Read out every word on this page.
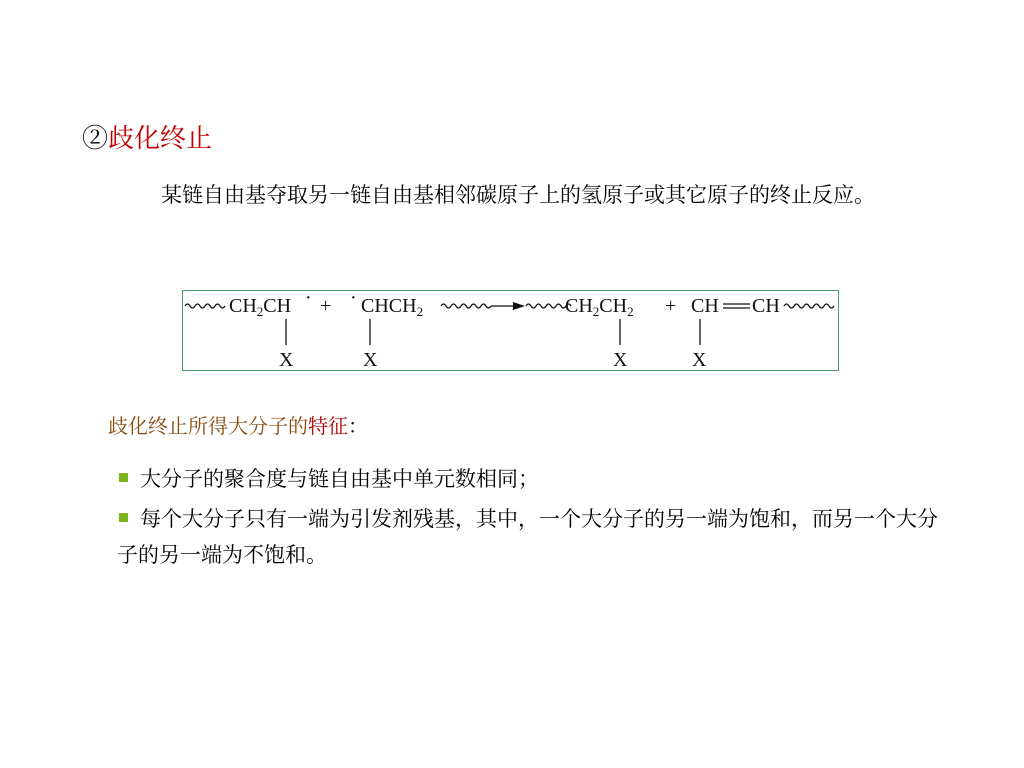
②歧化终止

某链自由基夺取另一链自由基相邻碳原子上的氢原子或其它原子的终止反应。

$CH_2CH$ · + · $CHCH_2$	$CH_2CH_2$ + CH CH
X	X	X	X
歧化终止所得大分子的特征：

大分子的聚合度与链自由基中单元数相同；

每个大分子只有一端为引发剂残基，其中，一个大分子的另一端为饱和，而另一个大分子的另一端为不饱和。
